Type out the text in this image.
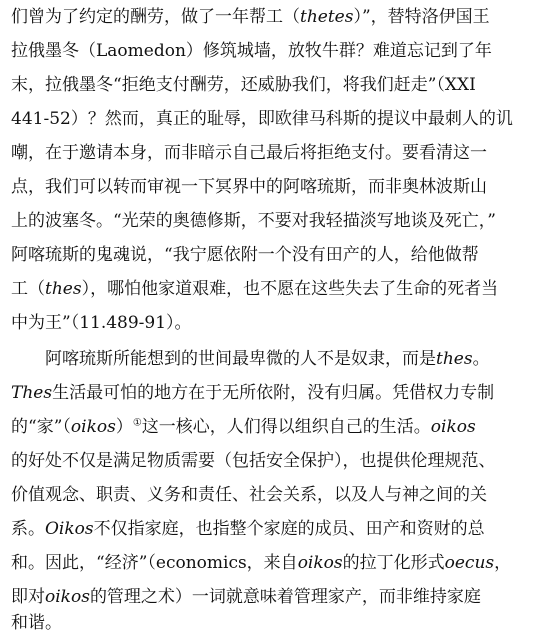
们曾为了约定的酬劳，做了一年帮工（thetes）”，替特洛伊国王
拉俄墨冬（Laomedon）修筑城墙，放牧牛群？难道忘记到了年
末，拉俄墨冬“拒绝支付酬劳，还威胁我们，将我们赶走”（XXI
441-52）？然而，真正的耻辱，即欧律马科斯的提议中最刺人的讥
嘲，在于邀请本身，而非暗示自己最后将拒绝支付。要看清这一
点，我们可以转而审视一下冥界中的阿喀琉斯，而非奥林波斯山
上的波塞冬。“光荣的奥德修斯，不要对我轻描淡写地谈及死亡，”
阿喀琉斯的鬼魂说，“我宁愿依附一个没有田产的人，给他做帮
工（thes），哪怕他家道艰难，也不愿在这些失去了生命的死者当
中为王”（11.489-91）。
阿喀琉斯所能想到的世间最卑微的人不是奴隶，而是thes。
Thes生活最可怕的地方在于无所依附，没有归属。凭借权力专制
的“家”（oikos）①这一核心，人们得以组织自己的生活。oikos
的好处不仅是满足物质需要（包括安全保护），也提供伦理规范、
价值观念、职责、义务和责任、社会关系，以及人与神之间的关
系。Oikos不仅指家庭，也指整个家庭的成员、田产和资财的总
和。因此，“经济”（economics，来自oikos的拉丁化形式oecus，
即对oikos的管理之术）一词就意味着管理家产，而非维持家庭
和谐。
